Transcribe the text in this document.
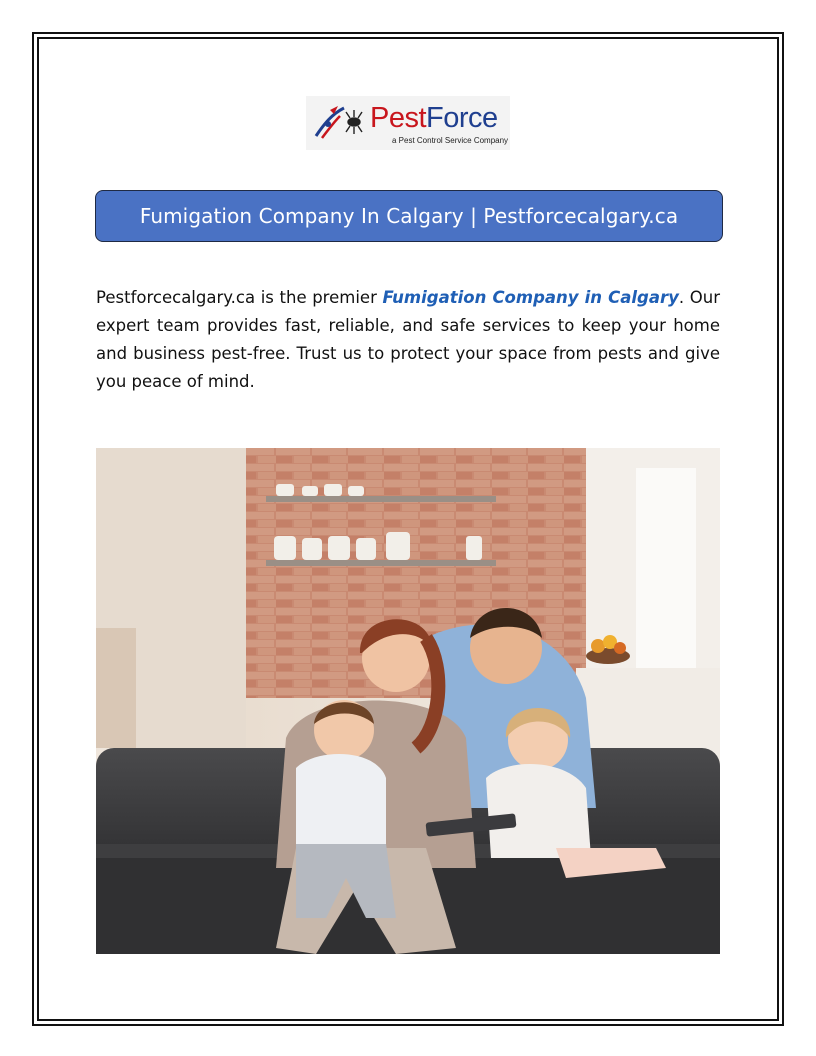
PestForce
a Pest Control Service Company
Fumigation Company In Calgary | Pestforcecalgary.ca

Pestforcecalgary.ca is the premier Fumigation Company in Calgary. Our expert team provides fast, reliable, and safe services to keep your home and business pest-free. Trust us to protect your space from pests and give you peace of mind.
